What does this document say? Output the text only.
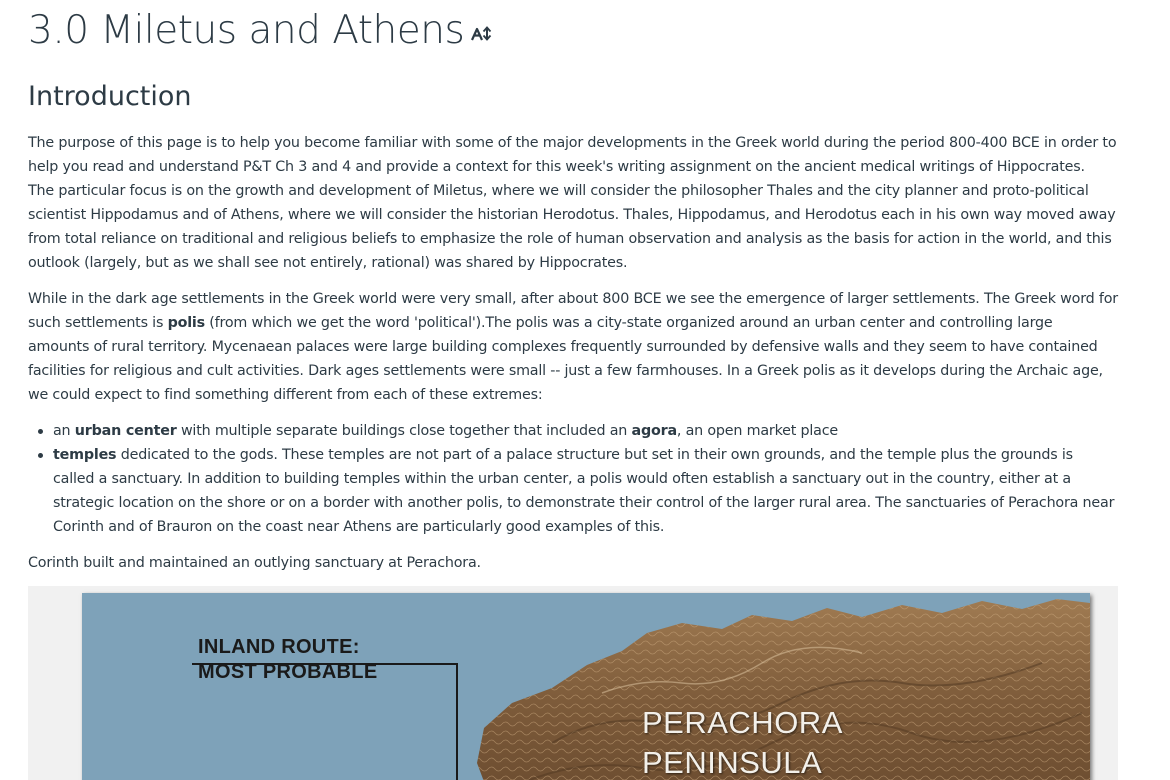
3.0 Miletus and Athens
Introduction

The purpose of this page is to help you become familiar with some of the major developments in the Greek world during the period 800-400 BCE in order to help you read and understand P&T Ch 3 and 4 and provide a context for this week's writing assignment on the ancient medical writings of Hippocrates.

The particular focus is on the growth and development of Miletus, where we will consider the philosopher Thales and the city planner and proto-political scientist Hippodamus and of Athens, where we will consider the historian Herodotus. Thales, Hippodamus, and Herodotus each in his own way moved away from total reliance on traditional and religious beliefs to emphasize the role of human observation and analysis as the basis for action in the world, and this outlook (largely, but as we shall see not entirely, rational) was shared by Hippocrates.

While in the dark age settlements in the Greek world were very small, after about 800 BCE we see the emergence of larger settlements. The Greek word for such settlements is polis (from which we get the word 'political').The polis was a city-state organized around an urban center and controlling large amounts of rural territory. Mycenaean palaces were large building complexes frequently surrounded by defensive walls and they seem to have contained facilities for religious and cult activities. Dark ages settlements were small -- just a few farmhouses. In a Greek polis as it develops during the Archaic age, we could expect to find something different from each of these extremes:

an urban center with multiple separate buildings close together that included an agora, an open market place
temples dedicated to the gods. These temples are not part of a palace structure but set in their own grounds, and the temple plus the grounds is called a sanctuary. In addition to building temples within the urban center, a polis would often establish a sanctuary out in the country, either at a strategic location on the shore or on a border with another polis, to demonstrate their control of the larger rural area. The sanctuaries of Perachora near Corinth and of Brauron on the coast near Athens are particularly good examples of this.

Corinth built and maintained an outlying sanctuary at Perachora.

INLAND ROUTE:
MOST PROBABLE
PERACHORA
PENINSULA
